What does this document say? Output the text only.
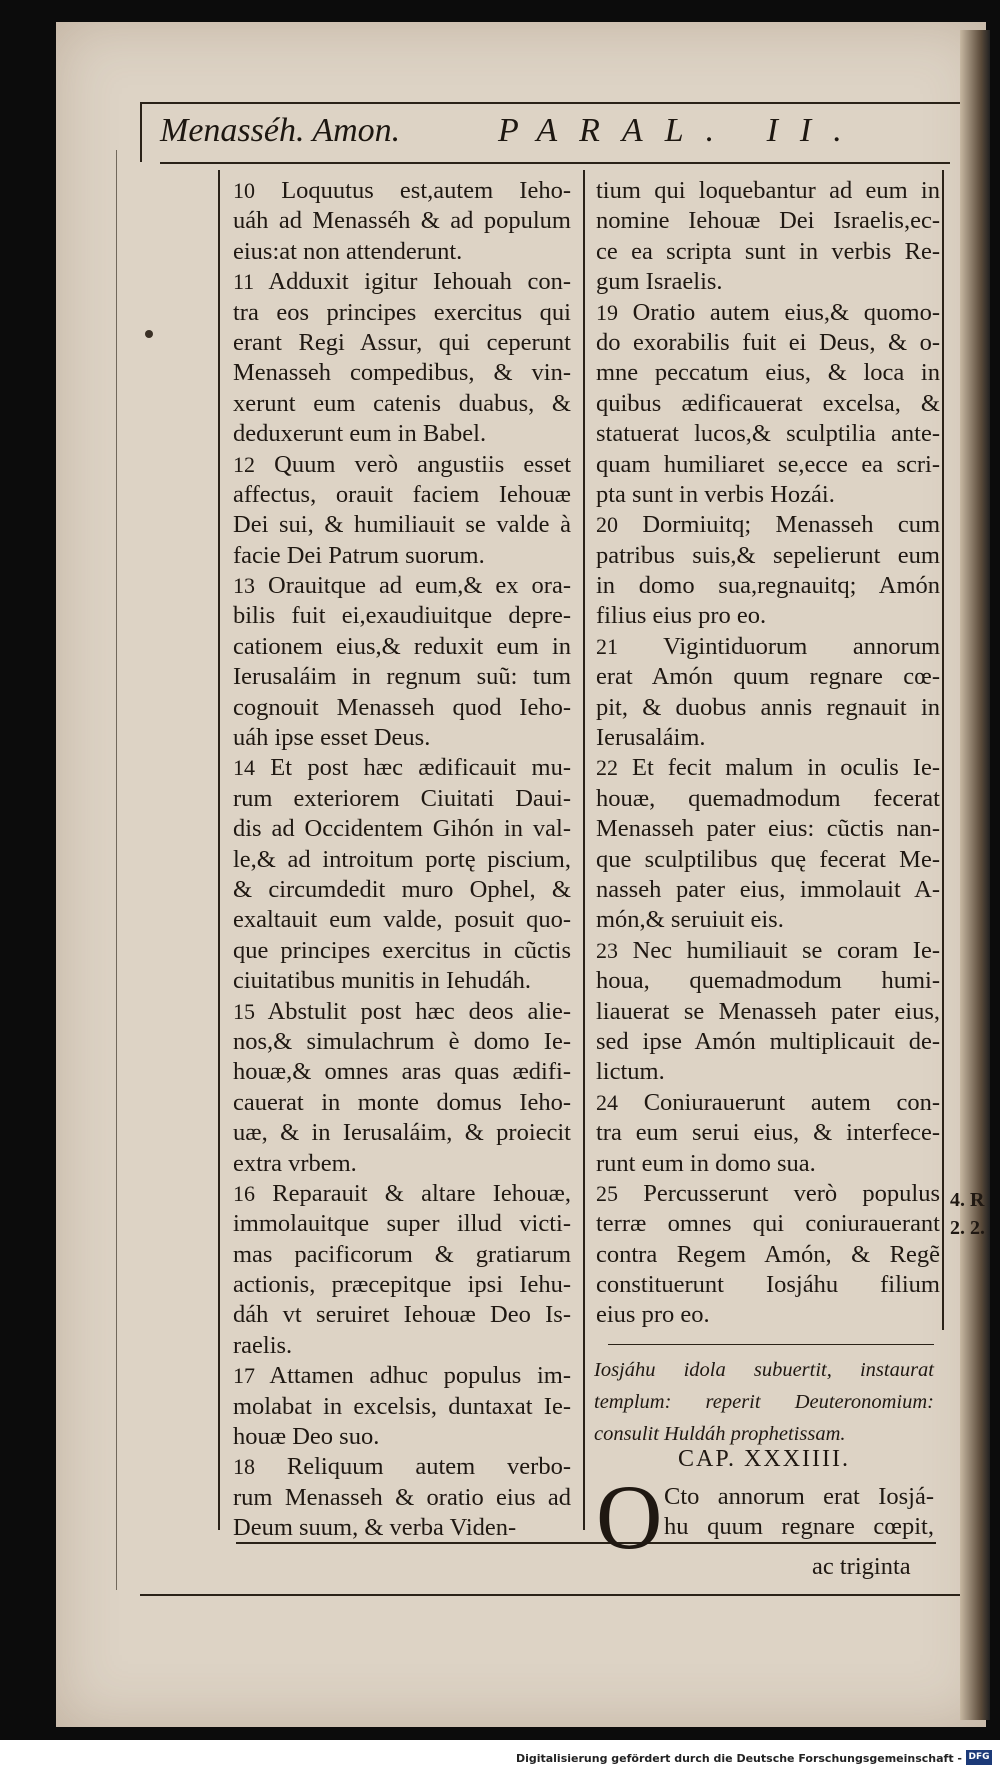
Menasséh. Amon.	PARAL. II.
10 Loquutus est,autem Ieho-
uáh ad Menasséh & ad populum
eius:at non attenderunt.
11 Adduxit igitur Iehouah con-
tra eos principes exercitus qui
erant Regi Assur, qui ceperunt
Menasseh compedibus, & vin-
xerunt eum catenis duabus, &
deduxerunt eum in Babel.
12 Quum verò angustiis esset
affectus, orauit faciem Iehouæ
Dei sui, & humiliauit se valde à
facie Dei Patrum suorum.
13 Orauitque ad eum,& ex ora-
bilis fuit ei,exaudiuitque depre-
cationem eius,& reduxit eum in
Ierusaláim in regnum suũ: tum
cognouit Menasseh quod Ieho-
uáh ipse esset Deus.
14 Et post hæc ædificauit mu-
rum exteriorem Ciuitati Daui-
dis ad Occidentem Gihón in val-
le,& ad introitum portę piscium,
& circumdedit muro Ophel, &
exaltauit eum valde, posuit quo-
que principes exercitus in cũctis
ciuitatibus munitis in Iehudáh.
15 Abstulit post hæc deos alie-
nos,& simulachrum è domo Ie-
houæ,& omnes aras quas ædifi-
cauerat in monte domus Ieho-
uæ, & in Ierusaláim, & proiecit
extra vrbem.
16 Reparauit & altare Iehouæ,
immolauitque super illud victi-
mas pacificorum & gratiarum
actionis, præcepitque ipsi Iehu-
dáh vt seruiret Iehouæ Deo Is-
raelis.
17 Attamen adhuc populus im-
molabat in excelsis, duntaxat Ie-
houæ Deo suo.
18 Reliquum autem verbo-
rum Menasseh & oratio eius ad
Deum suum, & verba Viden-
tium qui loquebantur ad eum in
nomine Iehouæ Dei Israelis,ec-
ce ea scripta sunt in verbis Re-
gum Israelis.
19 Oratio autem eius,& quomo-
do exorabilis fuit ei Deus, & o-
mne peccatum eius, & loca in
quibus ædificauerat excelsa, &
statuerat lucos,& sculptilia ante-
quam humiliaret se,ecce ea scri-
pta sunt in verbis Hozái.
20 Dormiuitq; Menasseh cum
patribus suis,& sepelierunt eum
in domo sua,regnauitq; Amón
filius eius pro eo.
21 Vigintiduorum annorum
erat Amón quum regnare cœ-
pit, & duobus annis regnauit in
Ierusaláim.
22 Et fecit malum in oculis Ie-
houæ, quemadmodum fecerat
Menasseh pater eius: cũctis nan-
que sculptilibus quę fecerat Me-
nasseh pater eius, immolauit A-
món,& seruiuit eis.
23 Nec humiliauit se coram Ie-
houa, quemadmodum humi-
liauerat se Menasseh pater eius,
sed ipse Amón multiplicauit de-
lictum.
24 Coniurauerunt autem con-
tra eum serui eius, & interfece-
runt eum in domo sua.
25 Percusserunt verò populus
terræ omnes qui coniurauerant
contra Regem Amón, & Regẽ
constituerunt Iosjáhu filium
eius pro eo.
Iosjáhu idola subuertit, instaurat
templum: reperit Deuteronomium:
consulit Huldáh prophetissam.
CAP. XXXIIII.
O Cto annorum erat Iosjá-
hu quum regnare cœpit,
ac triginta
4. R
2. 2.
Digitalisierung gefördert durch die Deutsche Forschungsgemeinschaft - DFG
